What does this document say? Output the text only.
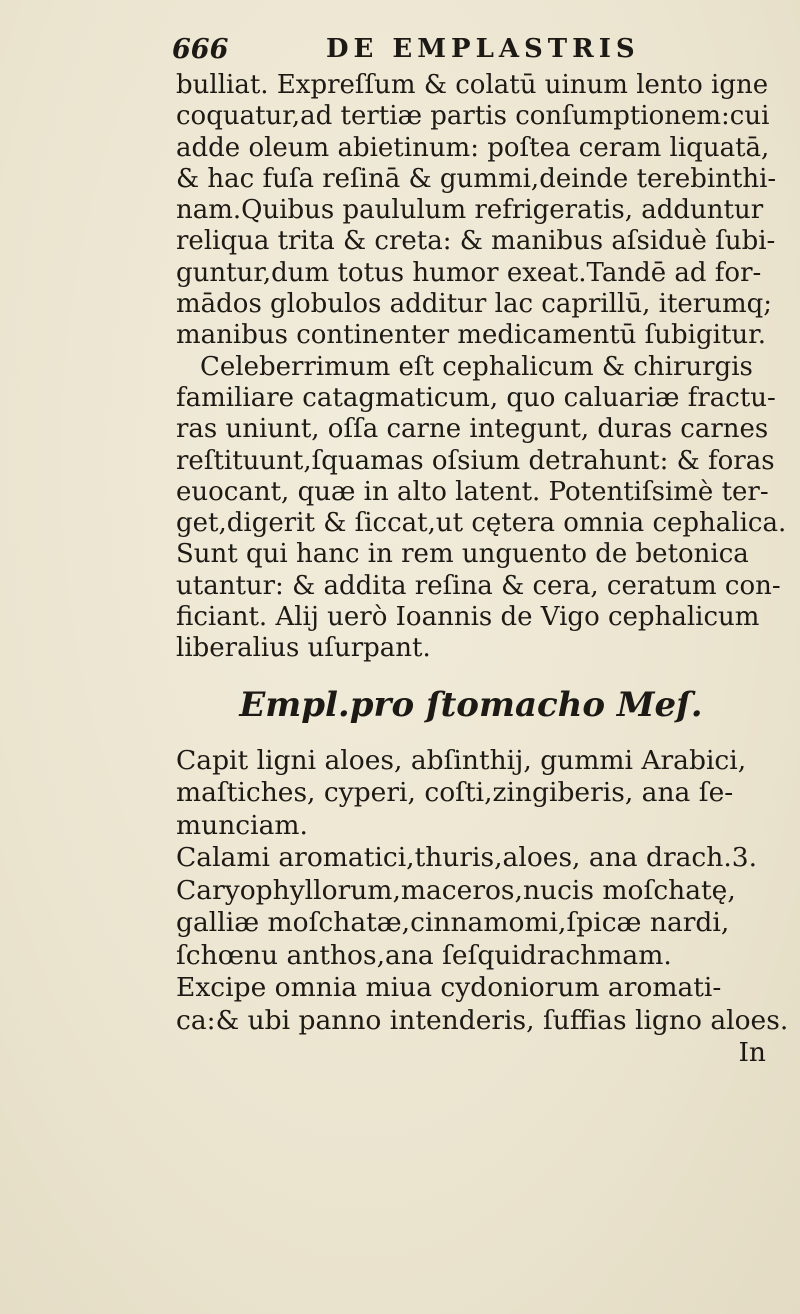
666	DE EMPLASTRIS
bulliat. Expreſſum & colatū uinum lento igne
coquatur,ad tertiæ partis conſumptionem:cui
adde oleum abietinum: poſtea ceram liquatā,
& hac fuſa reſinā & gummi,deinde terebinthi-
nam.Quibus paululum refrigeratis, adduntur
reliqua trita & creta: & manibus aſsiduè ſubi-
guntur,dum totus humor exeat.Tandē ad for-
mādos globulos additur lac caprillū, iterumq;
manibus continenter medicamentū ſubigitur.
Celeberrimum eſt cephalicum & chirurgis
familiare catagmaticum, quo caluariæ fractu-
ras uniunt, oſſa carne integunt, duras carnes
reſtituunt,ſquamas oſsium detrahunt: & foras
euocant, quæ in alto latent. Potentiſsimè ter-
get,digerit & ſiccat,ut cętera omnia cephalica.
Sunt qui hanc in rem unguento de betonica
utantur: & addita reſina & cera, ceratum con-
ficiant. Alij uerò Ioannis de Vigo cephalicum
liberalius uſurpant.
Empl.pro ſtomacho Meſ.
Capit ligni aloes, abſinthij, gummi Arabici,
maſtiches, cyperi, coſti,zingiberis, ana ſe-
munciam.
Calami aromatici,thuris,aloes, ana drach.3.
Caryophyllorum,maceros,nucis moſchatę,
galliæ moſchatæ,cinnamomi,ſpicæ nardi,
ſchœnu anthos,ana ſeſquidrachmam.
Excipe omnia miua cydoniorum aromati-
ca:& ubi panno intenderis, ſuffias ligno aloes.
In
